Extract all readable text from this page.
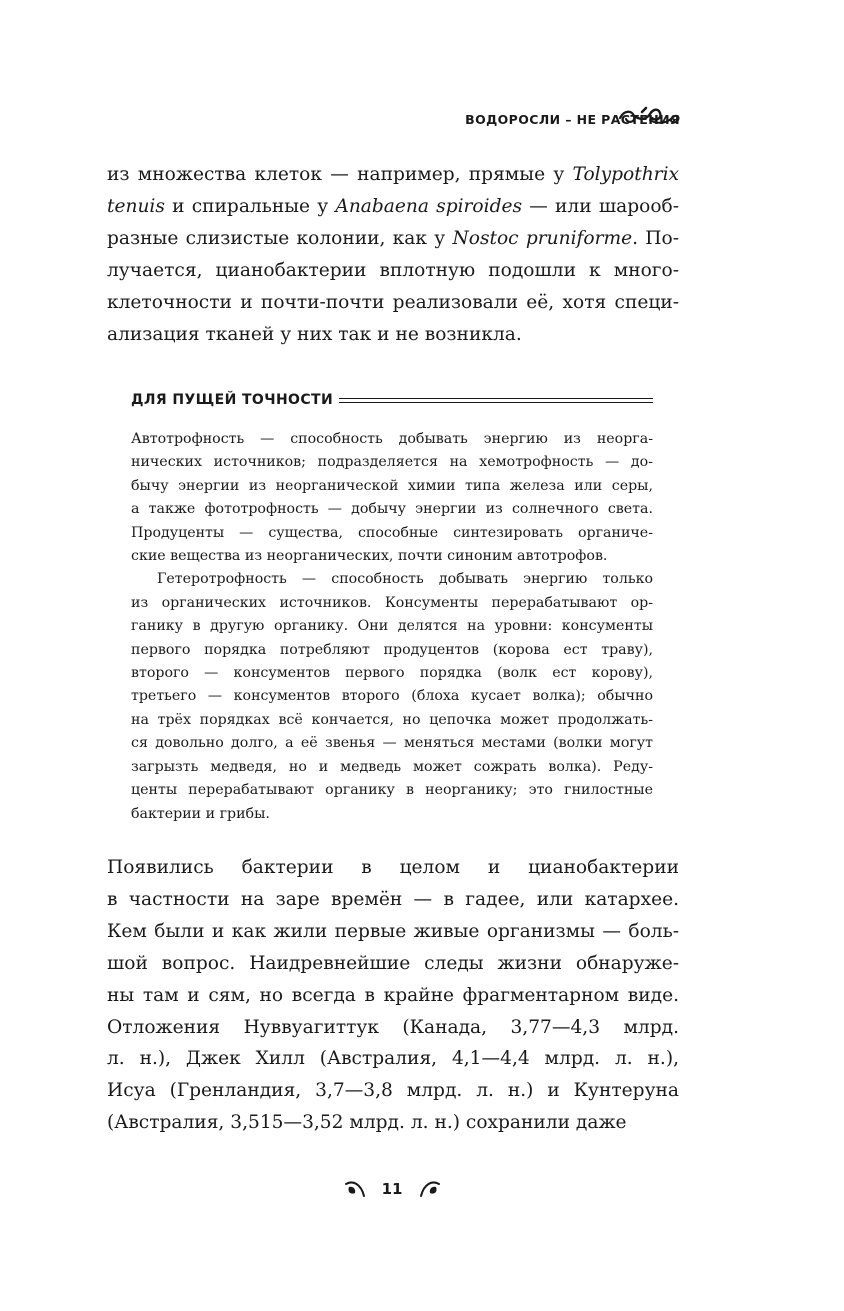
ВОДОРОСЛИ – НЕ РАСТЕНИЯ
из множества клеток — например, прямые у Tolypothrix
tenuis и спиральные у Anabaena spiroides — или шарооб-
разные слизистые колонии, как у Nostoc pruniforme. По-
лучается, цианобактерии вплотную подошли к много-
клеточности и почти-почти реализовали её, хотя специ-
ализация тканей у них так и не возникла.
ДЛЯ ПУЩЕЙ ТОЧНОСТИ
Автотрофность — способность добывать энергию из неорга-
нических источников; подразделяется на хемотрофность — до-
бычу энергии из неорганической химии типа железа или серы,
а также фототрофность — добычу энергии из солнечного света.
Продуценты — существа, способные синтезировать органиче-
ские вещества из неорганических, почти синоним автотрофов.
Гетеротрофность — способность добывать энергию только
из органических источников. Консументы перерабатывают ор-
ганику в другую органику. Они делятся на уровни: консументы
первого порядка потребляют продуцентов (корова ест траву),
второго — консументов первого порядка (волк ест корову),
третьего — консументов второго (блоха кусает волка); обычно
на трёх порядках всё кончается, но цепочка может продолжать-
ся довольно долго, а её звенья — меняться местами (волки могут
загрызть медведя, но и медведь может сожрать волка). Реду-
центы перерабатывают органику в неорганику; это гнилостные
бактерии и грибы.
Появились бактерии в целом и цианобактерии
в частности на заре времён — в гадее, или катархее.
Кем были и как жили первые живые организмы — боль-
шой вопрос. Наидревнейшие следы жизни обнаруже-
ны там и сям, но всегда в крайне фрагментарном виде.
Отложения Нуввуагиттук (Канада, 3,77—4,3 млрд.
л. н.), Джек Хилл (Австралия, 4,1—4,4 млрд. л. н.),
Исуа (Гренландия, 3,7—3,8 млрд. л. н.) и Кунтеруна
(Австралия, 3,515—3,52 млрд. л. н.) сохранили даже
11
